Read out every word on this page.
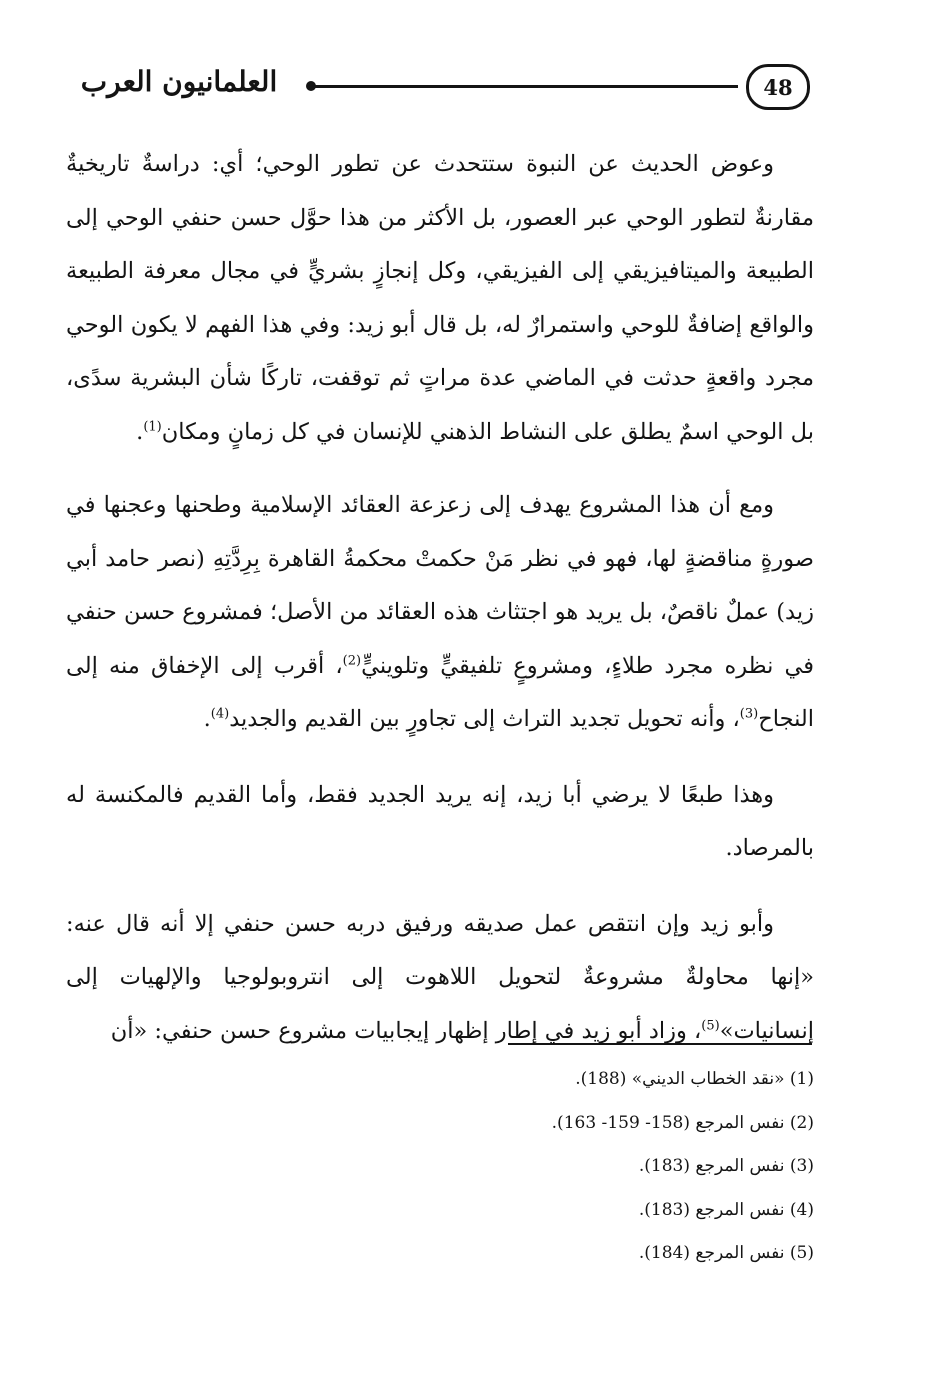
العلمانيون العرب	48

وعوض الحديث عن النبوة ستتحدث عن تطور الوحي؛ أي: دراسةٌ تاريخيةٌ مقارنةٌ لتطور الوحي عبر العصور، بل الأكثر من هذا حوَّل حسن حنفي الوحي إلى الطبيعة والميتافيزيقي إلى الفيزيقي، وكل إنجازٍ بشريٍّ في مجال معرفة الطبيعة والواقع إضافةٌ للوحي واستمرارٌ له، بل قال أبو زيد: وفي هذا الفهم لا يكون الوحي مجرد واقعةٍ حدثت في الماضي عدة مراتٍ ثم توقفت، تاركًا شأن البشرية سدًى، بل الوحي اسمٌ يطلق على النشاط الذهني للإنسان في كل زمانٍ ومكان$^{(1)}$.

ومع أن هذا المشروع يهدف إلى زعزعة العقائد الإسلامية وطحنها وعجنها في صورةٍ مناقضةٍ لها، فهو في نظر مَنْ حكمتْ محكمةُ القاهرة بِرِدَّتِهِ (نصر حامد أبي زيد) عملٌ ناقصٌ، بل يريد هو اجتثاث هذه العقائد من الأصل؛ فمشروع حسن حنفي في نظره مجرد طلاءٍ، ومشروعٍ تلفيقيٍّ وتلوينيٍّ$^{(2)}$، أقرب إلى الإخفاق منه إلى النجاح$^{(3)}$، وأنه تحويل تجديد التراث إلى تجاورٍ بين القديم والجديد$^{(4)}$.

وهذا طبعًا لا يرضي أبا زيد، إنه يريد الجديد فقط، وأما القديم فالمكنسة له بالمرصاد.

وأبو زيد وإن انتقص عمل صديقه ورفيق دربه حسن حنفي إلا أنه قال عنه: «إنها محاولةٌ مشروعةٌ لتحويل اللاهوت إلى انتروبولوجيا والإلهيات إلى إنسانيات»$^{(5)}$، وزاد أبو زيد في إطار إظهار إيجابيات مشروع حسن حنفي: «أن

(1) «نقد الخطاب الديني» (188).
(2) نفس المرجع (158- 159- 163).
(3) نفس المرجع (183).
(4) نفس المرجع (183).
(5) نفس المرجع (184).
